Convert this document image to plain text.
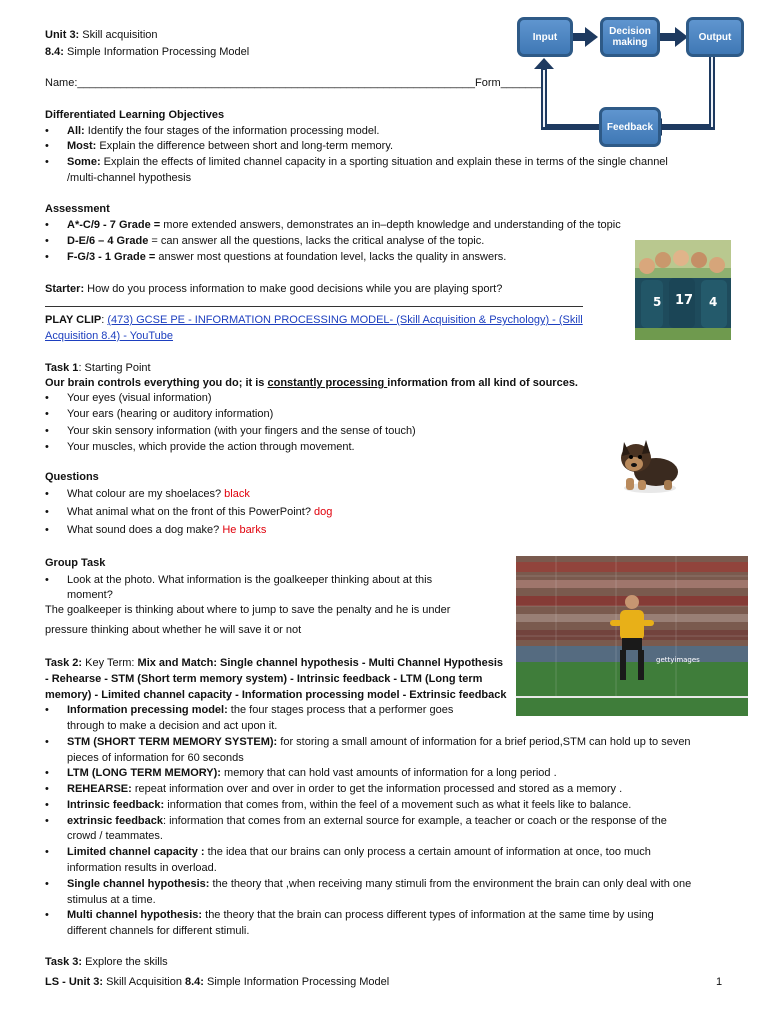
Unit 3: Skill acquisition
8.4: Simple Information Processing Model
Name:_________________________________________________________________Form_______
Input	Decision making	Output
Feedback
Differentiated Learning Objectives
• All: Identify the four stages of the information processing model.
• Most: Explain the difference between short and long-term memory.
• Some: Explain the effects of limited channel capacity in a sporting situation and explain these in terms of the single channel
/multi-channel hypothesis
Assessment
• A*-C/9 - 7 Grade = more extended answers, demonstrates an in–depth knowledge and understanding of the topic
• D-E/6 – 4 Grade = can answer all the questions, lacks the critical analyse of the topic.
• F-G/3 - 1 Grade = answer most questions at foundation level, lacks the quality in answers.
5 17 4
Starter: How do you process information to make good decisions while you are playing sport?
PLAY CLIP: (473) GCSE PE - INFORMATION PROCESSING MODEL- (Skill Acquisition & Psychology) - (Skill
Acquisition 8.4) - YouTube
Task 1: Starting Point
Our brain controls everything you do; it is constantly processing information from all kind of sources.
• Your eyes (visual information)
• Your ears (hearing or auditory information)
• Your skin sensory information (with your fingers and the sense of touch)
• Your muscles, which provide the action through movement.
Questions
• What colour are my shoelaces? black
• What animal what on the front of this PowerPoint? dog
• What sound does a dog make? He barks
Group Task
• Look at the photo. What information is the goalkeeper thinking about at this
moment?
The goalkeeper is thinking about where to jump to save the penalty and he is under
pressure thinking about whether he will save it or not
gettyimages
Task 2: Key Term: Mix and Match: Single channel hypothesis - Multi Channel Hypothesis
- Rehearse - STM (Short term memory system) - Intrinsic feedback - LTM (Long term
memory) - Limited channel capacity - Information processing model - Extrinsic feedback
• Information precessing model: the four stages process that a performer goes
through to make a decision and act upon it.
• STM (SHORT TERM MEMORY SYSTEM): for storing a small amount of information for a brief period,STM can hold up to seven
pieces of information for 60 seconds
• LTM (LONG TERM MEMORY): memory that can hold vast amounts of information for a long period .
• REHEARSE: repeat information over and over in order to get the information processed and stored as a memory .
• Intrinsic feedback: information that comes from, within the feel of a movement such as what it feels like to balance.
• extrinsic feedback: information that comes from an external source for example, a teacher or coach or the response of the
crowd / teammates.
• Limited channel capacity : the idea that our brains can only process a certain amount of information at once, too much
information results in overload.
• Single channel hypothesis: the theory that ,when receiving many stimuli from the environment the brain can only deal with one
stimulus at a time.
• Multi channel hypothesis: the theory that the brain can process different types of information at the same time by using
different channels for different stimuli.
Task 3: Explore the skills
LS - Unit 3: Skill Acquisition 8.4: Simple Information Processing Model	1
